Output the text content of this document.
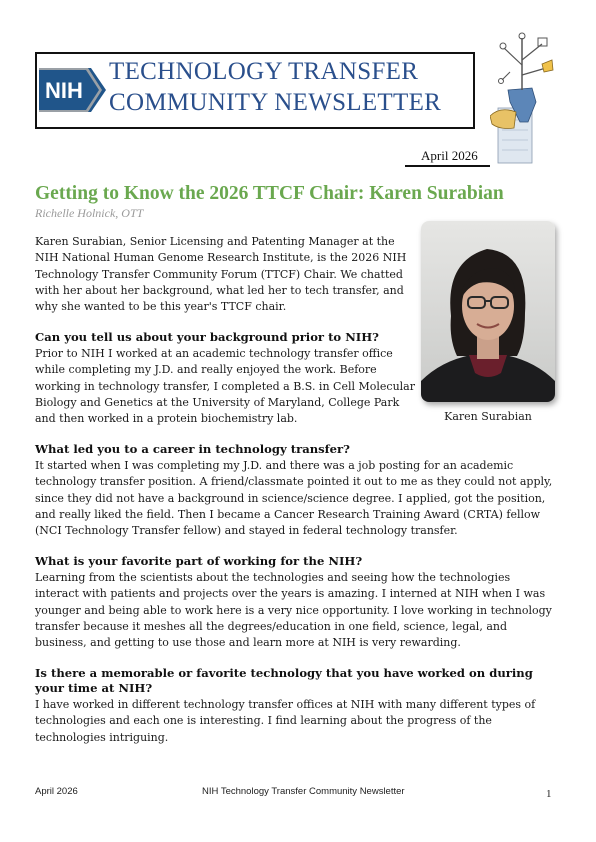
NIH
TECHNOLOGY TRANSFER
COMMUNITY NEWSLETTER
April 2026
Getting to Know the 2026 TTCF Chair: Karen Surabian
Richelle Holnick, OTT
Karen Surabian

Karen Surabian, Senior Licensing and Patenting Manager at the NIH National Human Genome Research Institute, is the 2026 NIH Technology Transfer Community Forum (TTCF) Chair. We chatted with her about her background, what led her to tech transfer, and why she wanted to be this year's TTCF chair.

Can you tell us about your background prior to NIH?

Prior to NIH I worked at an academic technology transfer office while completing my J.D. and really enjoyed the work. Before working in technology transfer, I completed a B.S. in Cell Molecular Biology and Genetics at the University of Maryland, College Park and then worked in a protein biochemistry lab.

What led you to a career in technology transfer?

It started when I was completing my J.D. and there was a job posting for an academic technology transfer position. A friend/classmate pointed it out to me as they could not apply, since they did not have a background in science/science degree. I applied, got the position, and really liked the field. Then I became a Cancer Research Training Award (CRTA) fellow (NCI Technology Transfer fellow) and stayed in federal technology transfer.

What is your favorite part of working for the NIH?

Learning from the scientists about the technologies and seeing how the technologies interact with patients and projects over the years is amazing. I interned at NIH when I was younger and being able to work here is a very nice opportunity. I love working in technology transfer because it meshes all the degrees/education in one field, science, legal, and business, and getting to use those and learn more at NIH is very rewarding.

Is there a memorable or favorite technology that you have worked on during your time at NIH?

I have worked in different technology transfer offices at NIH with many different types of technologies and each one is interesting. I find learning about the progress of the technologies intriguing.

April 2026	NIH Technology Transfer Community Newsletter	1
